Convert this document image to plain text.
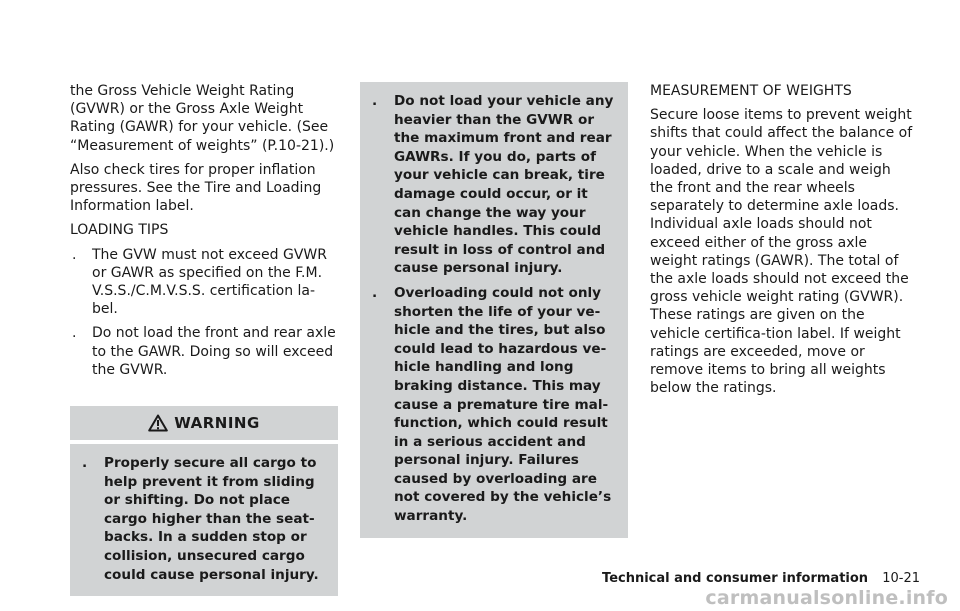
the Gross Vehicle Weight Rating (GVWR) or the Gross Axle Weight Rating (GAWR) for your vehicle. (See “Measurement of weights” (P.10-21).)

Also check tires for proper inflation pressures. See the Tire and Loading Information label.

LOADING TIPS

. The GVW must not exceed GVWR or GAWR as specified on the F.M. V.S.S./C.M.V.S.S. certification la-bel.

. Do not load the front and rear axle to the GAWR. Doing so will exceed the GVWR.

WARNING

. Properly secure all cargo to help prevent it from sliding or shifting. Do not place cargo higher than the seat-backs. In a sudden stop or collision, unsecured cargo could cause personal injury.

. Do not load your vehicle any heavier than the GVWR or the maximum front and rear GAWRs. If you do, parts of your vehicle can break, tire damage could occur, or it can change the way your vehicle handles. This could result in loss of control and cause personal injury.

. Overloading could not only shorten the life of your ve-hicle and the tires, but also could lead to hazardous ve-hicle handling and long braking distance. This may cause a premature tire mal-function, which could result in a serious accident and personal injury. Failures caused by overloading are not covered by the vehicle’s warranty.

MEASUREMENT OF WEIGHTS

Secure loose items to prevent weight shifts that could affect the balance of your vehicle. When the vehicle is loaded, drive to a scale and weigh the front and the rear wheels separately to determine axle loads. Individual axle loads should not exceed either of the gross axle weight ratings (GAWR). The total of the axle loads should not exceed the gross vehicle weight rating (GVWR). These ratings are given on the vehicle certifica-tion label. If weight ratings are exceeded, move or remove items to bring all weights below the ratings.

Technical and consumer information 10-21
carmanualsonline.info
